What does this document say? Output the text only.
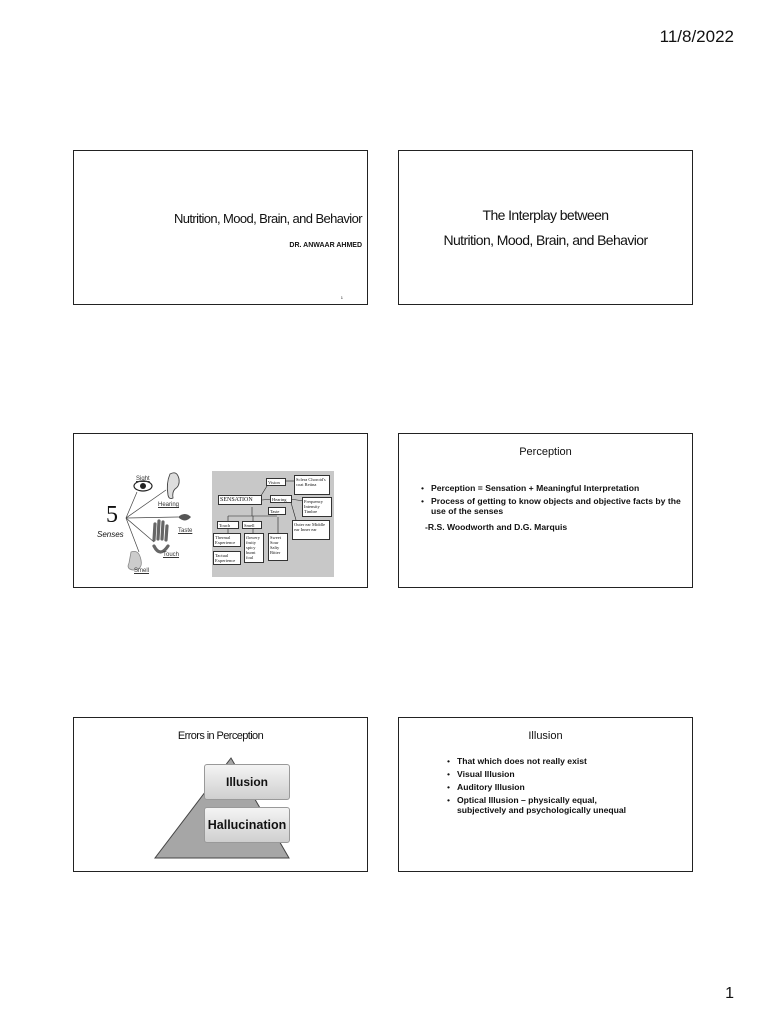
11/8/2022
Nutrition, Mood, Brain, and Behavior
DR. ANWAAR AHMED
1
The Interplay between
Nutrition, Mood, Brain, and Behavior
5
Senses
Sight
Hearing
Taste
Touch
Smell
Vision
Sclera Choroid's coat Retina
SENSATION	Hearing	Frequency Intensity Timbre
Taste
Outer ear Middle ear Inner ear
Touch	Smell
Thermal Experience
Tactual Experience
flowery fruity spicy burnt foul
Sweet Sour Salty Bitter
Perception
• Perception = Sensation + Meaningful Interpretation
• Process of getting to know objects and objective facts by the use of the senses
-R.S. Woodworth and D.G. Marquis
Errors in Perception
Illusion
Hallucination
Illusion
• That which does not really exist
• Visual Illusion
• Auditory Illusion
• Optical Illusion – physically equal, subjectively and psychologically unequal
1
